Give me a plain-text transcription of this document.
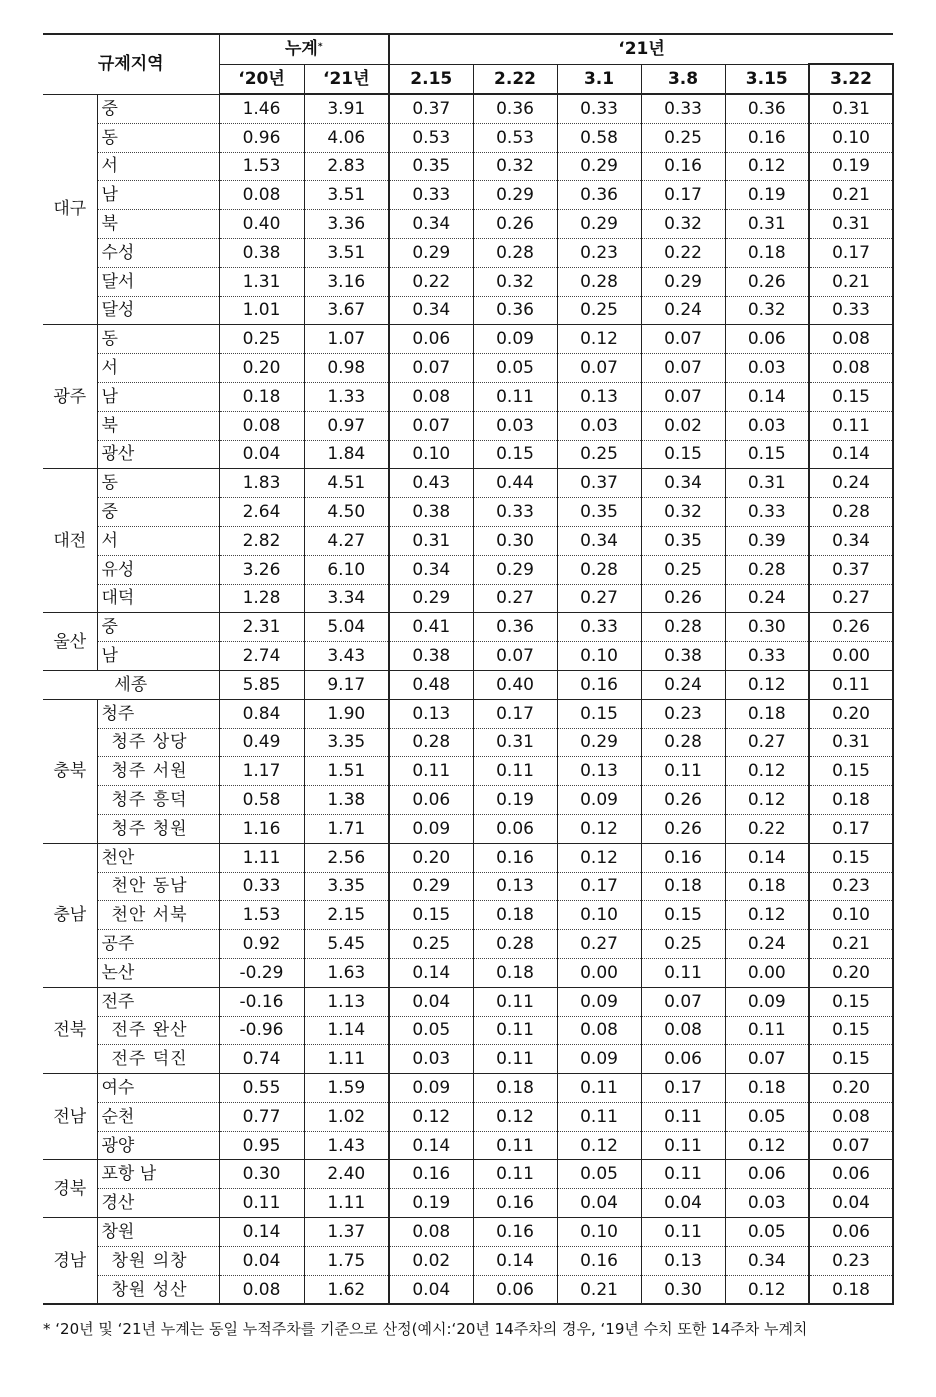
규제지역		누계*		‘21년					
		‘20년	‘21년	2.15	2.22	3.1	3.8	3.15	3.22
대구	중	1.46	3.91	0.37	0.36	0.33	0.33	0.36	0.31
	동	0.96	4.06	0.53	0.53	0.58	0.25	0.16	0.10
	서	1.53	2.83	0.35	0.32	0.29	0.16	0.12	0.19
	남	0.08	3.51	0.33	0.29	0.36	0.17	0.19	0.21
	북	0.40	3.36	0.34	0.26	0.29	0.32	0.31	0.31
	수성	0.38	3.51	0.29	0.28	0.23	0.22	0.18	0.17
	달서	1.31	3.16	0.22	0.32	0.28	0.29	0.26	0.21
	달성	1.01	3.67	0.34	0.36	0.25	0.24	0.32	0.33
광주	동	0.25	1.07	0.06	0.09	0.12	0.07	0.06	0.08
	서	0.20	0.98	0.07	0.05	0.07	0.07	0.03	0.08
	남	0.18	1.33	0.08	0.11	0.13	0.07	0.14	0.15
	북	0.08	0.97	0.07	0.03	0.03	0.02	0.03	0.11
	광산	0.04	1.84	0.10	0.15	0.25	0.15	0.15	0.14
대전	동	1.83	4.51	0.43	0.44	0.37	0.34	0.31	0.24
	중	2.64	4.50	0.38	0.33	0.35	0.32	0.33	0.28
	서	2.82	4.27	0.31	0.30	0.34	0.35	0.39	0.34
	유성	3.26	6.10	0.34	0.29	0.28	0.25	0.28	0.37
	대덕	1.28	3.34	0.29	0.27	0.27	0.26	0.24	0.27
울산	중	2.31	5.04	0.41	0.36	0.33	0.28	0.30	0.26
	남	2.74	3.43	0.38	0.07	0.10	0.38	0.33	0.00
세종		5.85	9.17	0.48	0.40	0.16	0.24	0.12	0.11
충북	청주	0.84	1.90	0.13	0.17	0.15	0.23	0.18	0.20
	청주 상당	0.49	3.35	0.28	0.31	0.29	0.28	0.27	0.31
	청주 서원	1.17	1.51	0.11	0.11	0.13	0.11	0.12	0.15
	청주 흥덕	0.58	1.38	0.06	0.19	0.09	0.26	0.12	0.18
	청주 청원	1.16	1.71	0.09	0.06	0.12	0.26	0.22	0.17
충남	천안	1.11	2.56	0.20	0.16	0.12	0.16	0.14	0.15
	천안 동남	0.33	3.35	0.29	0.13	0.17	0.18	0.18	0.23
	천안 서북	1.53	2.15	0.15	0.18	0.10	0.15	0.12	0.10
	공주	0.92	5.45	0.25	0.28	0.27	0.25	0.24	0.21
	논산	-0.29	1.63	0.14	0.18	0.00	0.11	0.00	0.20
전북	전주	-0.16	1.13	0.04	0.11	0.09	0.07	0.09	0.15
	전주 완산	-0.96	1.14	0.05	0.11	0.08	0.08	0.11	0.15
	전주 덕진	0.74	1.11	0.03	0.11	0.09	0.06	0.07	0.15
전남	여수	0.55	1.59	0.09	0.18	0.11	0.17	0.18	0.20
	순천	0.77	1.02	0.12	0.12	0.11	0.11	0.05	0.08
	광양	0.95	1.43	0.14	0.11	0.12	0.11	0.12	0.07
경북	포항 남	0.30	2.40	0.16	0.11	0.05	0.11	0.06	0.06
	경산	0.11	1.11	0.19	0.16	0.04	0.04	0.03	0.04
경남	창원	0.14	1.37	0.08	0.16	0.10	0.11	0.05	0.06
	창원 의창	0.04	1.75	0.02	0.14	0.16	0.13	0.34	0.23
	창원 성산	0.08	1.62	0.04	0.06	0.21	0.30	0.12	0.18
* ‘20년 및 ‘21년 누계는 동일 누적주차를 기준으로 산정(예시:‘20년 14주차의 경우, ‘19년 수치 또한 14주차 누계치
